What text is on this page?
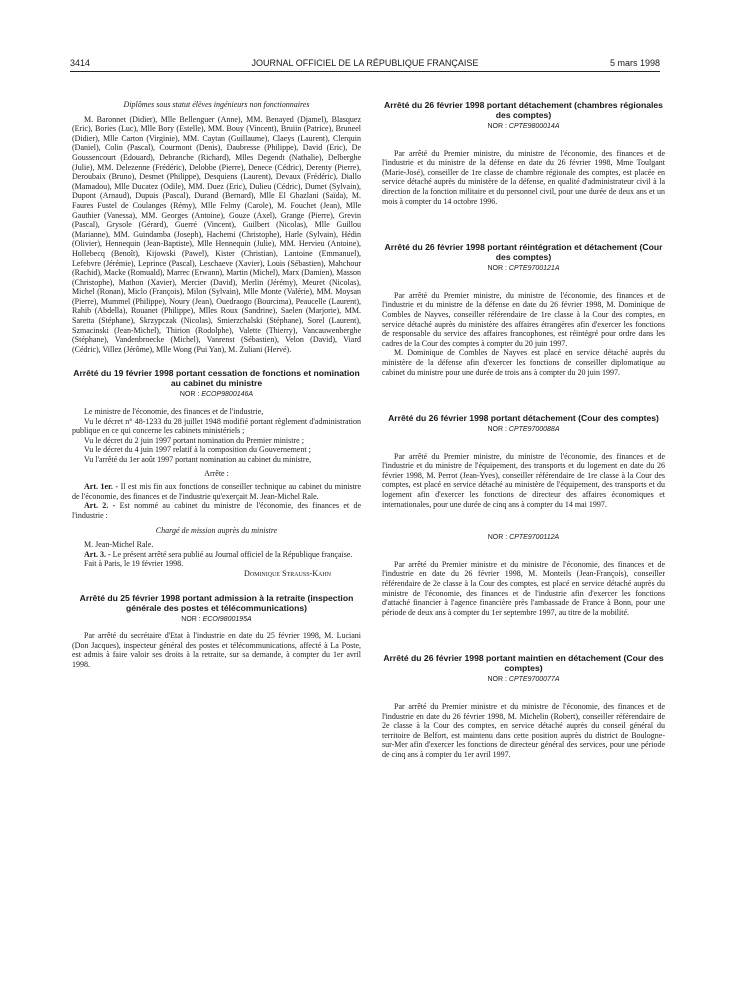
3414	JOURNAL OFFICIEL DE LA RÉPUBLIQUE FRANÇAISE	5 mars 1998

Diplômes sous statut élèves ingénieurs non fonctionnaires

M. Baronnet (Didier), Mlle Bellenguer (Anne), MM. Benayed (Djamel), Blasquez (Eric), Bories (Luc), Mlle Bory (Estelle), MM. Bouy (Vincent), Bruiin (Patrice), Bruneel (Didier), Mlle Carton (Virginie), MM. Caytan (Guillaume), Claeys (Laurent), Clerquin (Daniel), Colin (Pascal), Courmont (Denis), Daubresse (Philippe), David (Eric), De Goussencourt (Edouard), Debranche (Richard), Mlles Degendt (Nathalie), Delberghe (Julie), MM. Delezenne (Frédéric), Delobbe (Pierre), Denece (Cédric), Derenty (Pierre), Deroubaix (Bruno), Desmet (Philippe), Desquiens (Laurent), Devaux (Frédéric), Diallo (Mamadou), Mlle Ducatez (Odile), MM. Duez (Eric), Dulieu (Cédric), Dumet (Sylvain), Dupont (Arnaud), Dupuis (Pascal), Durand (Bernard), Mlle El Ghazlani (Saïda), M. Faures Fustel de Coulanges (Rémy), Mlle Felmy (Carole), M. Fouchet (Jean), Mlle Gauthier (Vanessa), MM. Georges (Antoine), Gouze (Axel), Grange (Pierre), Grevin (Pascal), Grysole (Gérard), Guerré (Vincent), Guilbert (Nicolas), Mlle Guillou (Marianne), MM. Guindamba (Joseph), Hachemi (Christophe), Harle (Sylvain), Hédin (Olivier), Hennequin (Jean-Baptiste), Mlle Hennequin (Julie), MM. Hervieu (Antoine), Hollebecq (Benoît), Kijowski (Pawel), Kister (Christian), Lantoine (Emmanuel), Lefebvre (Jérémie), Leprince (Pascal), Leschaeve (Xavier), Louis (Sébastien), Mahchour (Rachid), Macke (Romuald), Marrec (Erwann), Martin (Michel), Marx (Damien), Masson (Christophe), Mathon (Xavier), Mercier (David), Merlin (Jérémy), Meuret (Nicolas), Michel (Ronan), Miclo (François), Milon (Sylvain), Mlle Monte (Valérie), MM. Moysan (Pierre), Mummel (Philippe), Noury (Jean), Ouedraogo (Bourcima), Peaucelle (Laurent), Rahib (Abdella), Rouanet (Philippe), Mlles Roux (Sandrine), Saelen (Marjorie), MM. Saretta (Stéphane), Skrzypczak (Nicolas), Smierzchalski (Stéphane), Sorel (Laurent), Szmacinski (Jean-Michel), Thirion (Rodolphe), Valette (Thierry), Vancauwenberghe (Stéphane), Vandenbroecke (Michel), Vanrenst (Sébastien), Velon (David), Viard (Cédric), Villez (Jérôme), Mlle Wong (Pui Yan), M. Zuliani (Hervé).

Arrêté du 19 février 1998 portant cessation de fonctions et nomination au cabinet du ministre
NOR : ECOP9800146A

Le ministre de l'économie, des finances et de l'industrie,

Vu le décret n° 48-1233 du 28 juillet 1948 modifié portant règlement d'administration publique en ce qui concerne les cabinets ministériels ;

Vu le décret du 2 juin 1997 portant nomination du Premier ministre ;

Vu le décret du 4 juin 1997 relatif à la composition du Gouvernement ;

Vu l'arrêté du 1er août 1997 portant nomination au cabinet du ministre,

Arrête :

Art. 1er. - Il est mis fin aux fonctions de conseiller technique au cabinet du ministre de l'économie, des finances et de l'industrie qu'exerçait M. Jean-Michel Rale.

Art. 2. - Est nommé au cabinet du ministre de l'économie, des finances et de l'industrie :

Chargé de mission auprès du ministre

M. Jean-Michel Rale.

Art. 3. - Le présent arrêté sera publié au Journal officiel de la République française.

Fait à Paris, le 19 février 1998.

Dominique Strauss-Kahn

Arrêté du 25 février 1998 portant admission à la retraite (inspection générale des postes et télécommunications)
NOR : ECOI9800195A

Par arrêté du secrétaire d'Etat à l'industrie en date du 25 février 1998, M. Luciani (Don Jacques), inspecteur général des postes et télécommunications, affecté à La Poste, est admis à faire valoir ses droits à la retraite, sur sa demande, à compter du 1er avril 1998.

Arrêté du 26 février 1998 portant détachement (chambres régionales des comptes)
NOR : CPTE9800014A

Par arrêté du Premier ministre, du ministre de l'économie, des finances et de l'industrie et du ministre de la défense en date du 26 février 1998, Mme Toulgant (Marie-José), conseiller de 1re classe de chambre régionale des comptes, est placée en service détaché auprès du ministère de la défense, en qualité d'administrateur civil à la direction de la fonction militaire et du personnel civil, pour une durée de deux ans et un mois à compter du 14 octobre 1996.

Arrêté du 26 février 1998 portant réintégration et détachement (Cour des comptes)
NOR : CPTE9700121A

Par arrêté du Premier ministre, du ministre de l'économie, des finances et de l'industrie et du ministre de la défense en date du 26 février 1998, M. Dominique de Combles de Nayves, conseiller référendaire de 1re classe à la Cour des comptes, en service détaché auprès du ministère des affaires étrangères afin d'exercer les fonctions de responsable du service des affaires francophones, est réintégré pour ordre dans les cadres de la Cour des comptes à compter du 20 juin 1997.

M. Dominique de Combles de Nayves est placé en service détaché auprès du ministère de la défense afin d'exercer les fonctions de conseiller diplomatique au cabinet du ministre pour une durée de trois ans à compter du 20 juin 1997.

Arrêté du 26 février 1998 portant détachement (Cour des comptes)
NOR : CPTE9700088A

Par arrêté du Premier ministre, du ministre de l'économie, des finances et de l'industrie et du ministre de l'équipement, des transports et du logement en date du 26 février 1998, M. Perrot (Jean-Yves), conseiller référendaire de 1re classe à la Cour des comptes, est placé en service détaché au ministère de l'équipement, des transports et du logement afin d'exercer les fonctions de directeur des affaires économiques et internationales, pour une durée de cinq ans à compter du 14 mai 1997.

NOR : CPTE9700112A

Par arrêté du Premier ministre et du ministre de l'économie, des finances et de l'industrie en date du 26 février 1998, M. Monteils (Jean-François), conseiller référendaire de 2e classe à la Cour des comptes, est placé en service détaché auprès du ministre de l'économie, des finances et de l'industrie afin d'exercer les fonctions d'attaché financier à l'agence financière près l'ambassade de France à Bonn, pour une période de deux ans à compter du 1er septembre 1997, au titre de la mobilité.

Arrêté du 26 février 1998 portant maintien en détachement (Cour des comptes)
NOR : CPTE9700077A

Par arrêté du Premier ministre et du ministre de l'économie, des finances et de l'industrie en date du 26 février 1998, M. Michelin (Robert), conseiller référendaire de 2e classe à la Cour des comptes, en service détaché auprès du conseil général du territoire de Belfort, est maintenu dans cette position auprès du district de Boulogne-sur-Mer afin d'exercer les fonctions de directeur général des services, pour une période de cinq ans à compter du 1er avril 1997.
